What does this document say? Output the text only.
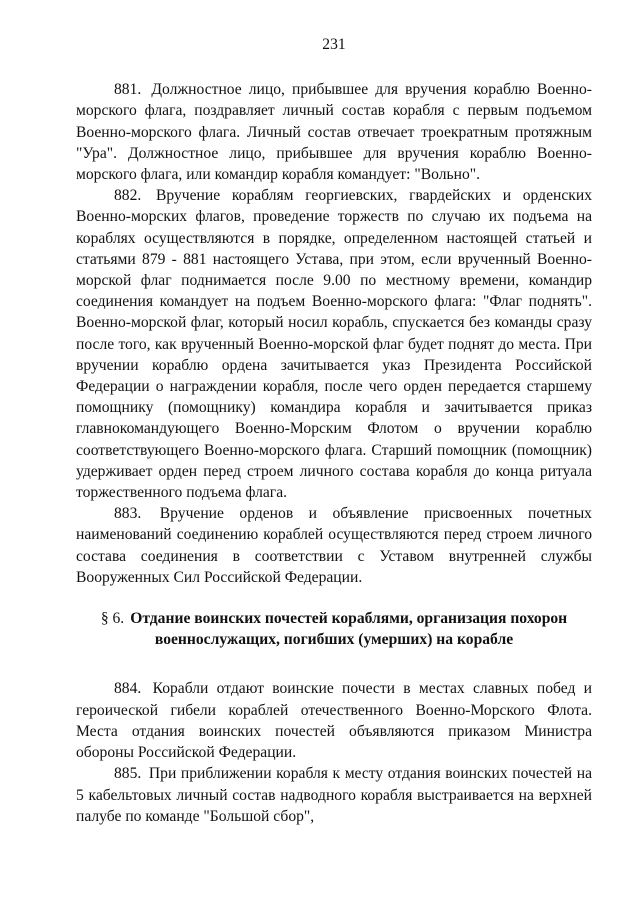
231

881. Должностное лицо, прибывшее для вручения кораблю Военно-морского флага, поздравляет личный состав корабля с первым подъемом Военно-морского флага. Личный состав отвечает троекратным протяжным "Ура". Должностное лицо, прибывшее для вручения кораблю Военно-морского флага, или командир корабля командует: "Вольно".

882. Вручение кораблям георгиевских, гвардейских и орденских Военно-морских флагов, проведение торжеств по случаю их подъема на кораблях осуществляются в порядке, определенном настоящей статьей и статьями 879 - 881 настоящего Устава, при этом, если врученный Военно-морской флаг поднимается после 9.00 по местному времени, командир соединения командует на подъем Военно-морского флага: "Флаг поднять". Военно-морской флаг, который носил корабль, спускается без команды сразу после того, как врученный Военно-морской флаг будет поднят до места. При вручении кораблю ордена зачитывается указ Президента Российской Федерации о награждении корабля, после чего орден передается старшему помощнику (помощнику) командира корабля и зачитывается приказ главнокомандующего Военно-Морским Флотом о вручении кораблю соответствующего Военно-морского флага. Старший помощник (помощник) удерживает орден перед строем личного состава корабля до конца ритуала торжественного подъема флага.

883. Вручение орденов и объявление присвоенных почетных наименований соединению кораблей осуществляются перед строем личного состава соединения в соответствии с Уставом внутренней службы Вооруженных Сил Российской Федерации.

§ 6. Отдание воинских почестей кораблями, организация похорон военнослужащих, погибших (умерших) на корабле

884. Корабли отдают воинские почести в местах славных побед и героической гибели кораблей отечественного Военно-Морского Флота. Места отдания воинских почестей объявляются приказом Министра обороны Российской Федерации.

885. При приближении корабля к месту отдания воинских почестей на 5 кабельтовых личный состав надводного корабля выстраивается на верхней палубе по команде "Большой сбор",
